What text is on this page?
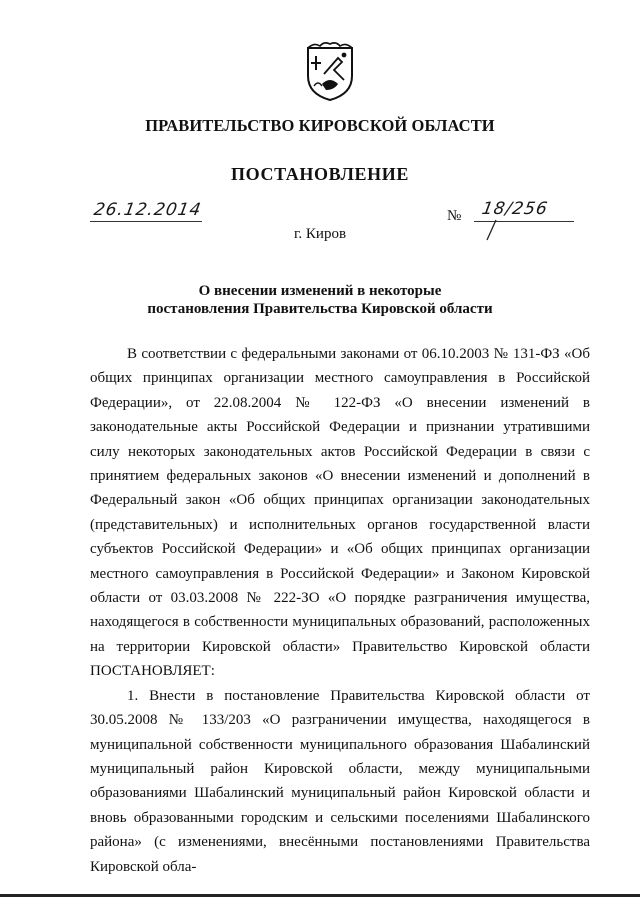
ПРАВИТЕЛЬСТВО КИРОВСКОЙ ОБЛАСТИ
ПОСТАНОВЛЕНИЕ
26.12.2014	№ 18/256
г. Киров
О внесении изменений в некоторые
постановления Правительства Кировской области

В соответствии с федеральными законами от 06.10.2003 № 131-ФЗ «Об общих принципах организации местного самоуправления в Российской Федерации», от 22.08.2004 № 122-ФЗ «О внесении изменений в законодательные акты Российской Федерации и признании утратившими силу некоторых законодательных актов Российской Федерации в связи с принятием федеральных законов «О внесении изменений и дополнений в Федеральный закон «Об общих принципах организации законодательных (представительных) и исполнительных органов государственной власти субъектов Российской Федерации» и «Об общих принципах организации местного самоуправления в Российской Федерации» и Законом Кировской области от 03.03.2008 № 222-ЗО «О порядке разграничения имущества, находящегося в собственности муниципальных образований, расположенных на территории Кировской области» Правительство Кировской области ПОСТАНОВЛЯЕТ:

1. Внести в постановление Правительства Кировской области от 30.05.2008 № 133/203 «О разграничении имущества, находящегося в муниципальной собственности муниципального образования Шабалинский муниципальный район Кировской области, между муниципальными образованиями Шабалинский муниципальный район Кировской области и вновь образованными городским и сельскими поселениями Шабалинского района» (с изменениями, внесёнными постановлениями Правительства Кировской обла-
